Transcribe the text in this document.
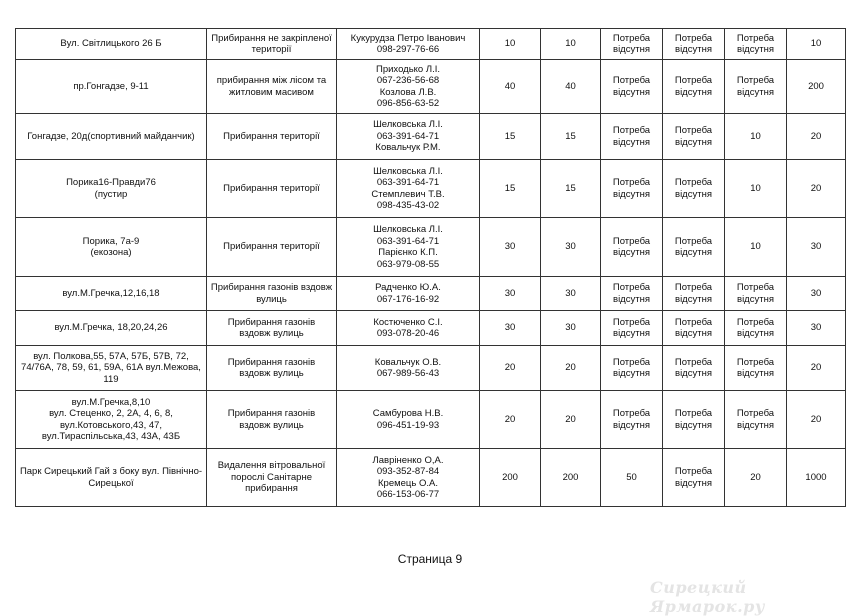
Вул. Світлицького 26 Б	Прибирання не закріпленої
території	Кукурудза Петро Іванович
098-297-76-66	10	10	Потреба
відсутня	Потреба
відсутня	Потреба
відсутня	10
пр.Гонгадзе, 9-11	прибирання між лісом та
житловим масивом	Приходько Л.І.
067-236-56-68
Козлова Л.В.
096-856-63-52	40	40	Потреба
відсутня	Потреба
відсутня	Потреба
відсутня	200
Гонгадзе, 20д(спортивний майданчик)	Прибирання території	Шелковська Л.І.
063-391-64-71
Ковальчук Р.М.	15	15	Потреба
відсутня	Потреба
відсутня	10	20
Порика16-Правди76
(пустир	Прибирання території	Шелковська Л.І.
063-391-64-71
Стемплевич Т.В.
098-435-43-02	15	15	Потреба
відсутня	Потреба
відсутня	10	20
Порика, 7а-9
(екозона)	Прибирання території	Шелковська Л.І.
063-391-64-71
Парієнко К.П.
063-979-08-55	30	30	Потреба
відсутня	Потреба
відсутня	10	30
вул.М.Гречка,12,16,18	Прибирання газонів вздовж
вулиць	Радченко Ю.А.
067-176-16-92	30	30	Потреба
відсутня	Потреба
відсутня	Потреба
відсутня	30
вул.М.Гречка, 18,20,24,26	Прибирання газонів
вздовж вулиць	Костюченко С.І.
093-078-20-46	30	30	Потреба
відсутня	Потреба
відсутня	Потреба
відсутня	30
вул. Полкова,55, 57А, 57Б, 57В, 72,
74/76А, 78, 59, 61, 59А, 61А вул.Межова,
119	Прибирання газонів
вздовж вулиць	Ковальчук О.В.
067-989-56-43	20	20	Потреба
відсутня	Потреба
відсутня	Потреба
відсутня	20
вул.М.Гречка,8,10
вул. Стеценко, 2, 2А, 4, 6, 8,
вул.Котовського,43, 47,
вул.Тираспільська,43, 43А, 43Б	Прибирання газонів
вздовж вулиць	Самбурова Н.В.
096-451-19-93	20	20	Потреба
відсутня	Потреба
відсутня	Потреба
відсутня	20
Парк Сирецький Гай з боку вул. Північно-
Сирецької	Видалення вітровальної
порослі Санітарне
прибирання	Лавріненко О,А.
093-352-87-84
Кремець О.А.
066-153-06-77	200	200	50	Потреба
відсутня	20	1000
Страница 9
Сирецкий Ярмарок.ру
